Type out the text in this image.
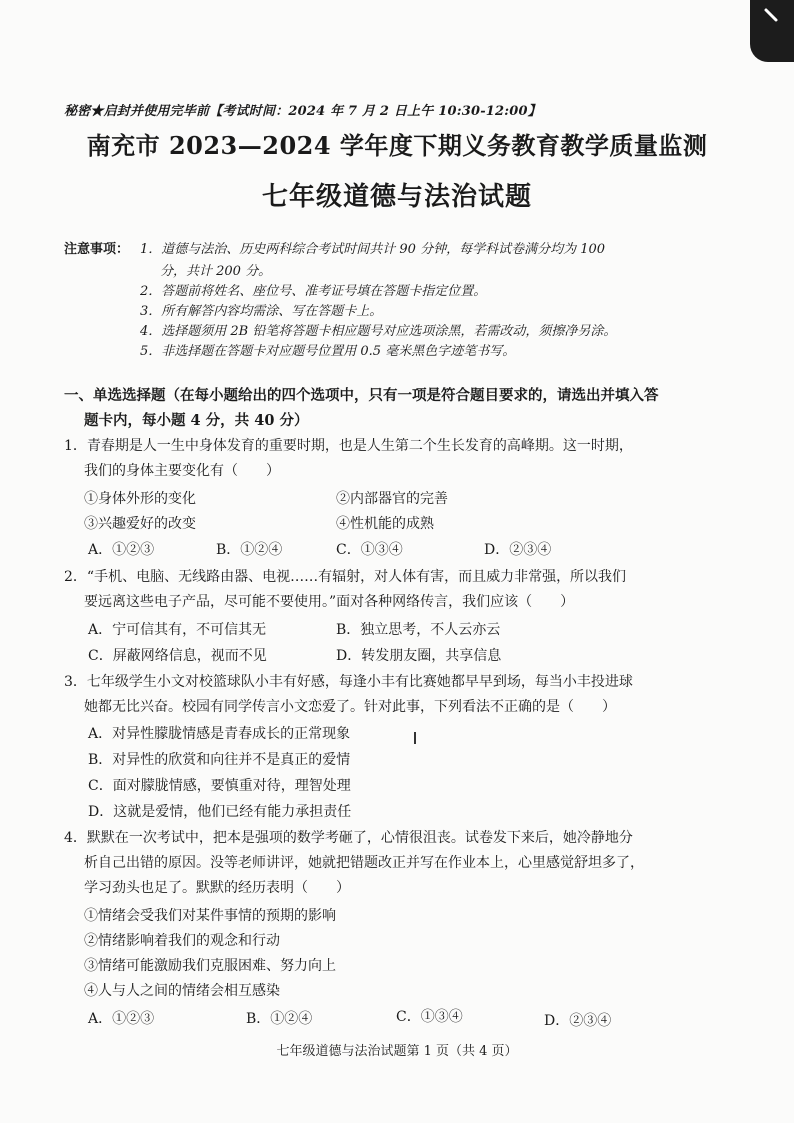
秘密★启封并使用完毕前【考试时间：2024 年 7 月 2 日上午 10:30-12:00】
南充市 2023—2024 学年度下期义务教育教学质量监测
七年级道德与法治试题
注意事项： 1．道德与法治、历史两科综合考试时间共计 90 分钟，每学科试卷满分均为 100
分，共计 200 分。
2．答题前将姓名、座位号、准考证号填在答题卡指定位置。
3．所有解答内容均需涂、写在答题卡上。
4．选择题须用 2B 铅笔将答题卡相应题号对应选项涂黑，若需改动，须擦净另涂。
5．非选择题在答题卡对应题号位置用 0.5 毫米黑色字迹笔书写。
一、单选选择题（在每小题给出的四个选项中，只有一项是符合题目要求的，请选出并填入答
题卡内，每小题 4 分，共 40 分）
1．青春期是人一生中身体发育的重要时期，也是人生第二个生长发育的高峰期。这一时期，
我们的身体主要变化有（　　）
①身体外形的变化	②内部器官的完善
③兴趣爱好的改变	④性机能的成熟
A．①②③	B．①②④	C．①③④	D．②③④
2．“手机、电脑、无线路由器、电视……有辐射，对人体有害，而且威力非常强，所以我们
要远离这些电子产品，尽可能不要使用。”面对各种网络传言，我们应该（　　）
A．宁可信其有，不可信其无	B．独立思考，不人云亦云
C．屏蔽网络信息，视而不见	D．转发朋友圈，共享信息
3．七年级学生小文对校篮球队小丰有好感，每逢小丰有比赛她都早早到场，每当小丰投进球
她都无比兴奋。校园有同学传言小文恋爱了。针对此事，下列看法不正确的是（　　）
A．对异性朦胧情感是青春成长的正常现象
B．对异性的欣赏和向往并不是真正的爱情
C．面对朦胧情感，要慎重对待，理智处理
D．这就是爱情，他们已经有能力承担责任
4．默默在一次考试中，把本是强项的数学考砸了，心情很沮丧。试卷发下来后，她冷静地分
析自己出错的原因。没等老师讲评，她就把错题改正并写在作业本上，心里感觉舒坦多了，
学习劲头也足了。默默的经历表明（　　）
①情绪会受我们对某件事情的预期的影响
②情绪影响着我们的观念和行动
③情绪可能激励我们克服困难、努力向上
④人与人之间的情绪会相互感染
A．①②③	B．①②④	C．①③④	D．②③④
七年级道德与法治试题第 1 页（共 4 页）
